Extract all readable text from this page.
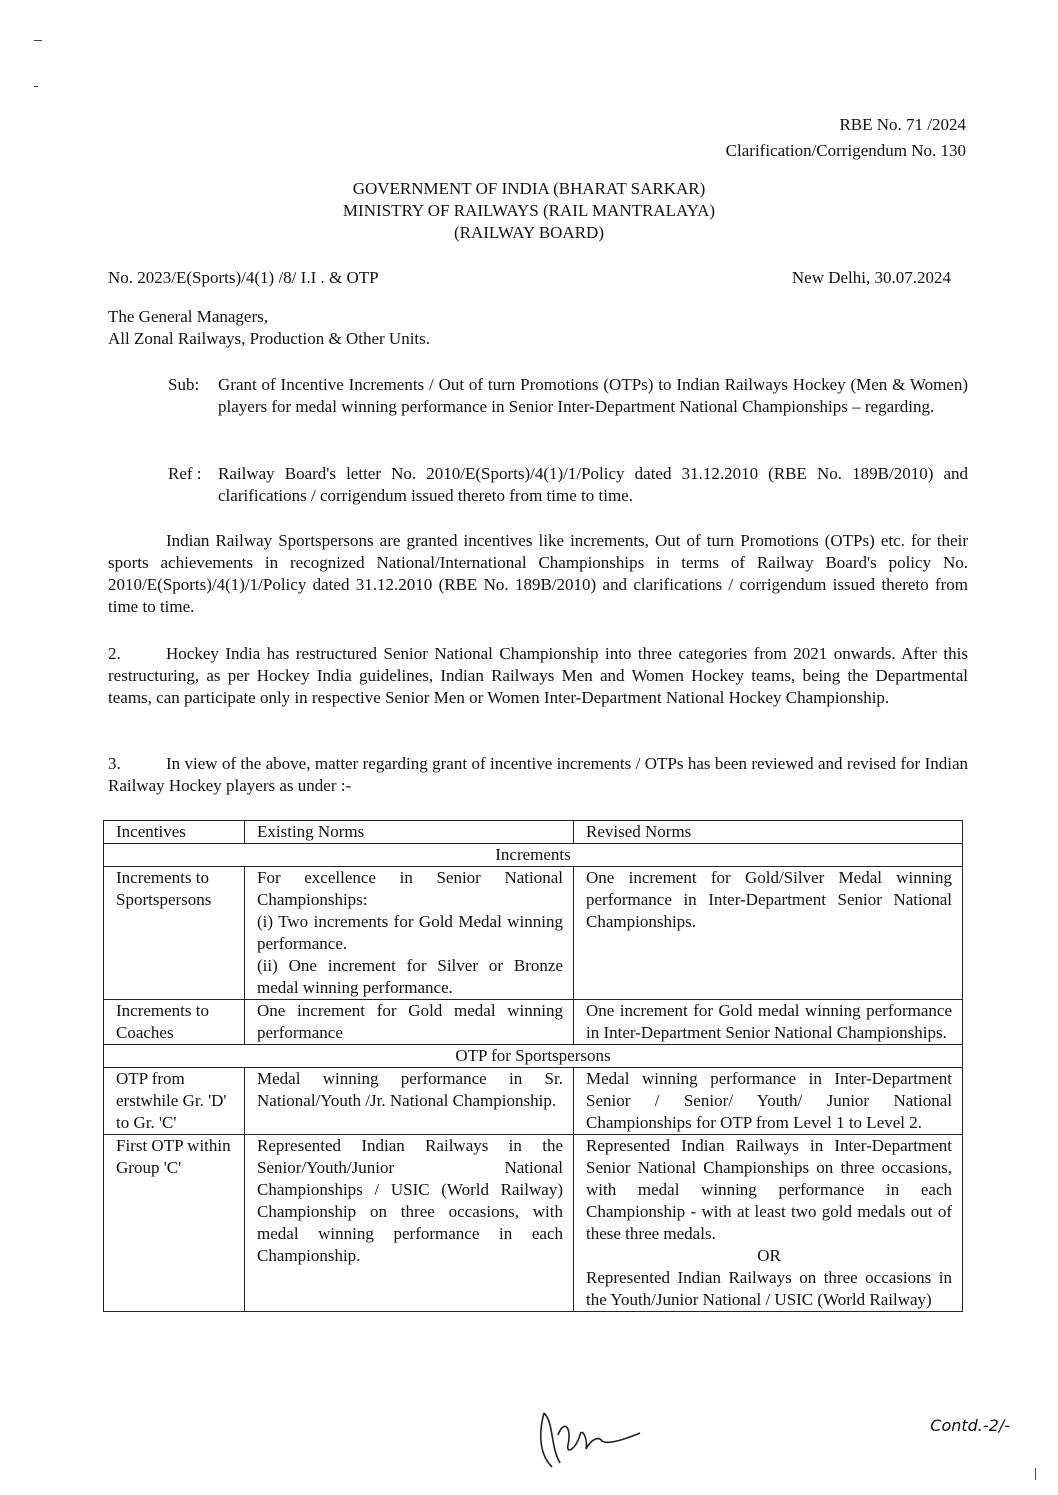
RBE No. 71 /2024
Clarification/Corrigendum No. 130
GOVERNMENT OF INDIA (BHARAT SARKAR)
MINISTRY OF RAILWAYS (RAIL MANTRALAYA)
(RAILWAY BOARD)
No. 2023/E(Sports)/4(1) /8/ I.I . & OTP	New Delhi, 30.07.2024
The General Managers,
All Zonal Railways, Production & Other Units.
Sub:	Grant of Incentive Increments / Out of turn Promotions (OTPs) to Indian Railways Hockey (Men & Women) players for medal winning performance in Senior Inter-Department National Championships – regarding.
Ref : Railway Board's letter No. 2010/E(Sports)/4(1)/1/Policy dated 31.12.2010 (RBE No. 189B/2010) and clarifications / corrigendum issued thereto from time to time.
Indian Railway Sportspersons are granted incentives like increments, Out of turn Promotions (OTPs) etc. for their sports achievements in recognized National/International Championships in terms of Railway Board's policy No. 2010/E(Sports)/4(1)/1/Policy dated 31.12.2010 (RBE No. 189B/2010) and clarifications / corrigendum issued thereto from time to time.
2.	Hockey India has restructured Senior National Championship into three categories from 2021 onwards. After this restructuring, as per Hockey India guidelines, Indian Railways Men and Women Hockey teams, being the Departmental teams, can participate only in respective Senior Men or Women Inter-Department National Hockey Championship.
3.	In view of the above, matter regarding grant of incentive increments / OTPs has been reviewed and revised for Indian Railway Hockey players as under :-
Incentives	Existing Norms	Revised Norms
Increments		
Increments to Sportspersons	For excellence in Senior National Championships:
(i) Two increments for Gold Medal winning performance.
(ii) One increment for Silver or Bronze medal winning performance.	One increment for Gold/Silver Medal winning performance in Inter-Department Senior National Championships.
Increments to Coaches	One increment for Gold medal winning performance	One increment for Gold medal winning performance in Inter-Department Senior National Championships.
OTP for Sportspersons		
OTP from erstwhile Gr. 'D' to Gr. 'C'	Medal winning performance in Sr. National/Youth /Jr. National Championship.	Medal winning performance in Inter-Department Senior / Senior/ Youth/ Junior National Championships for OTP from Level 1 to Level 2.
First OTP within Group 'C'	Represented Indian Railways in the Senior/Youth/Junior National Championships / USIC (World Railway) Championship on three occasions, with medal winning performance in each Championship.	Represented Indian Railways in Inter-Department Senior National Championships on three occasions, with medal winning performance in each Championship - with at least two gold medals out of these three medals.
OR
Represented Indian Railways on three occasions in the Youth/Junior National / USIC (World Railway)
Contd.-2/-
